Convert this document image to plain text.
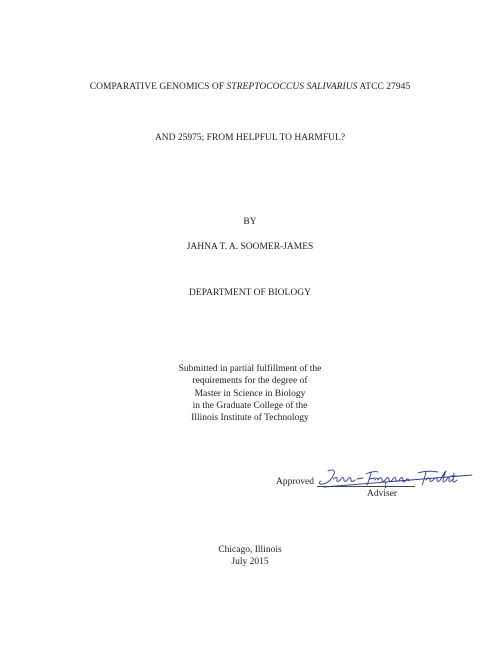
COMPARATIVE GENOMICS OF STREPTOCOCCUS SALIVARIUS ATCC 27945
AND 25975; FROM HELPFUL TO HARMFUL?
BY
JAHNA T. A. SOOMER-JAMES
DEPARTMENT OF BIOLOGY
Submitted in partial fulfillment of the
requirements for the degree of
Master in Science in Biology
in the Graduate College of the
Illinois Institute of Technology
Approved
Adviser
Chicago, Illinois
July 2015
